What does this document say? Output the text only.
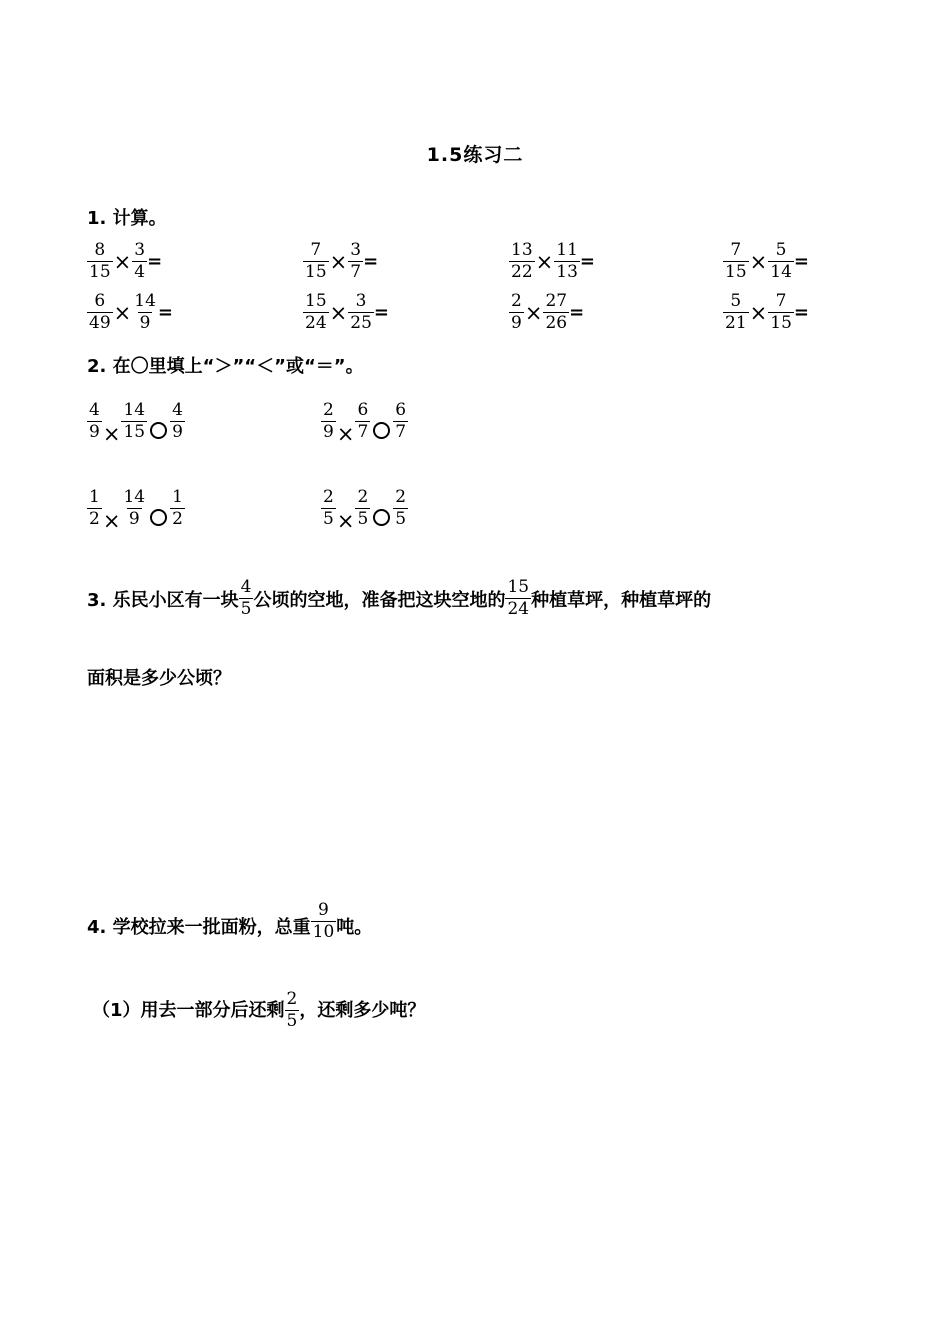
1.5练习二
1. 计算。
$\frac{8}{15} \times \frac{3}{4}$ =	$\frac{7}{15} \times \frac{3}{7}$ =	$\frac{13}{22} \times \frac{11}{13}$ =	$\frac{7}{15} \times \frac{5}{14}$ =
$\frac{6}{49} \times \frac{14}{9}$ =	$\frac{15}{24} \times \frac{3}{25}$ =	$\frac{2}{9} \times \frac{27}{26}$ =	$\frac{5}{21} \times \frac{7}{15}$ =
2. 在〇里填上“＞”“＜”或“＝”。
$\frac{4}{9} \times \frac{14}{15} \frac{4}{9}$	$\frac{2}{9} \times \frac{6}{7} \frac{6}{7}$
$\frac{1}{2} \times \frac{14}{9} \frac{1}{2}$	$\frac{2}{5} \times \frac{2}{5} \frac{2}{5}$
3. 乐民小区有一块 $\frac{4}{5}$ 公顷的空地，准备把这块空地的 $\frac{15}{24}$ 种植草坪，种植草坪的
面积是多少公顷？
4. 学校拉来一批面粉，总重 $\frac{9}{10}$ 吨。
（1）用去一部分后还剩 $\frac{2}{5}$ ，还剩多少吨？
